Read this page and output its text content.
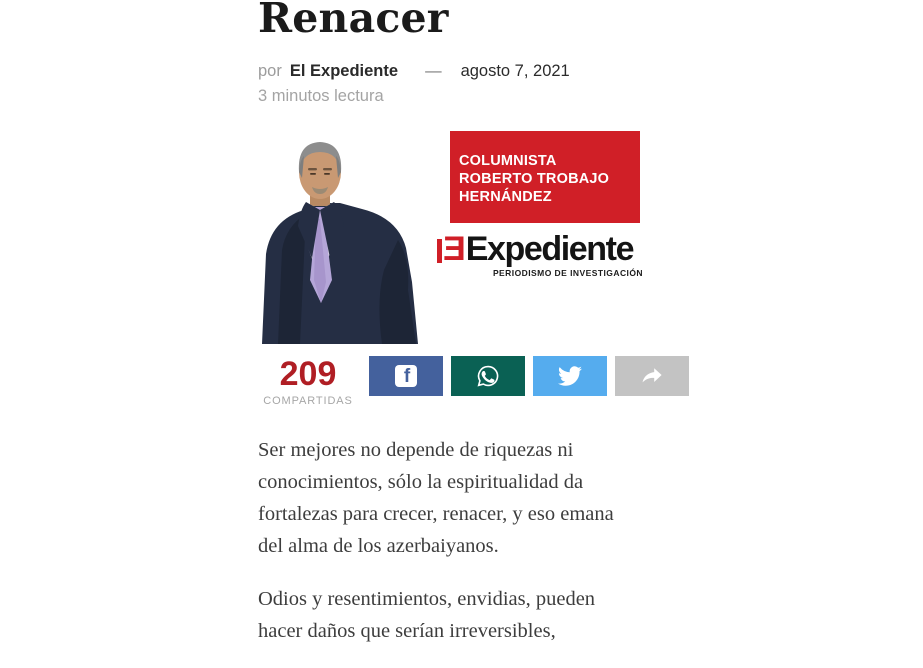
Renacer
por El Expediente — agosto 7, 2021
3 minutos lectura
COLUMNISTA
ROBERTO TROBAJO
HERNÁNDEZ
E Expediente
PERIODISMO DE INVESTIGACIÓN
209
COMPARTIDAS
f
Ser mejores no depende de riquezas ni
conocimientos, sólo la espiritualidad da
fortalezas para crecer, renacer, y eso emana
del alma de los azerbaiyanos.
Odios y resentimientos, envidias, pueden
hacer daños que serían irreversibles,
